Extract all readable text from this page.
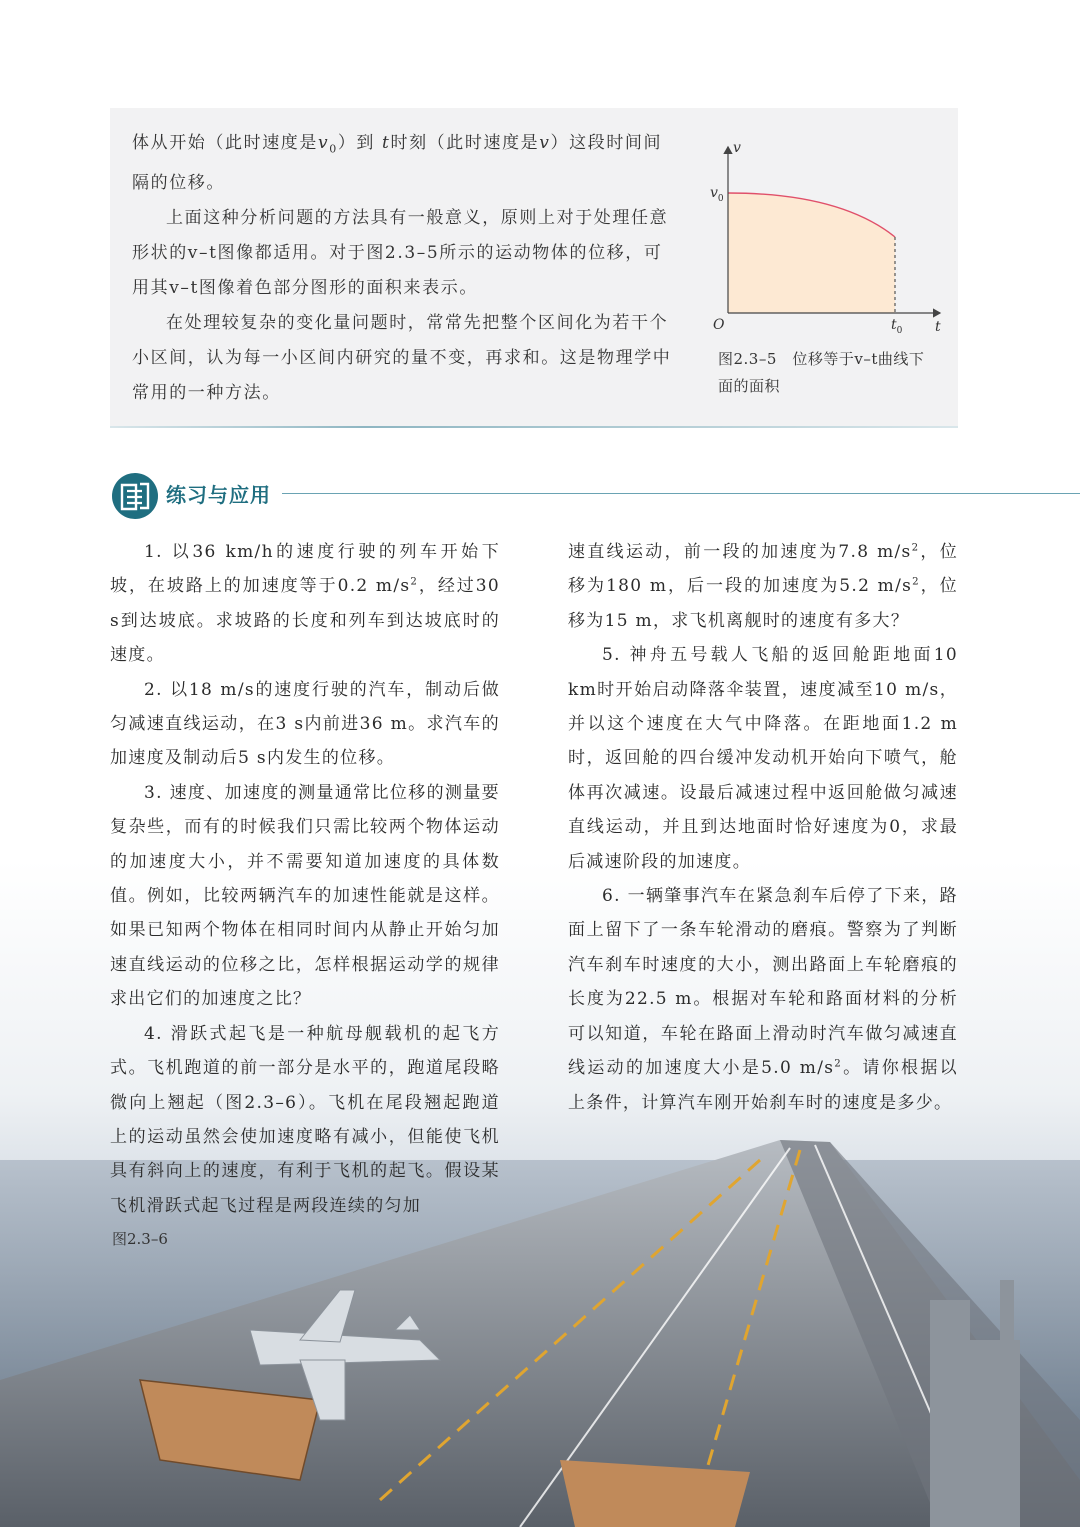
体从开始（此时速度是$v_0$）到 t时刻（此时速度是v）这段时间间隔的位移。

上面这种分析问题的方法具有一般意义，原则上对于处理任意形状的v–t图像都适用。对于图2.3–5所示的运动物体的位移，可用其v–t图像着色部分图形的面积来表示。

在处理较复杂的变化量问题时，常常先把整个区间化为若干个小区间，认为每一小区间内研究的量不变，再求和。这是物理学中常用的一种方法。

v
t
O
$v_0$
$t_0$
图2.3–5　位移等于v–t曲线下
面的面积
练习与应用

1. 以36 km/h的速度行驶的列车开始下坡，在坡路上的加速度等于0.2 $m/s^2$，经过30 s到达坡底。求坡路的长度和列车到达坡底时的速度。

2. 以18 m/s的速度行驶的汽车，制动后做匀减速直线运动，在3 s内前进36 m。求汽车的加速度及制动后5 s内发生的位移。

3. 速度、加速度的测量通常比位移的测量要复杂些，而有的时候我们只需比较两个物体运动的加速度大小，并不需要知道加速度的具体数值。例如，比较两辆汽车的加速性能就是这样。如果已知两个物体在相同时间内从静止开始匀加速直线运动的位移之比，怎样根据运动学的规律求出它们的加速度之比？

4. 滑跃式起飞是一种航母舰载机的起飞方式。飞机跑道的前一部分是水平的，跑道尾段略微向上翘起（图2.3–6）。飞机在尾段翘起跑道上的运动虽然会使加速度略有减小，但能使飞机具有斜向上的速度，有利于飞机的起飞。假设某飞机滑跃式起飞过程是两段连续的匀加

速直线运动，前一段的加速度为7.8 $m/s^2$，位移为180 m，后一段的加速度为5.2 $m/s^2$，位移为15 m，求飞机离舰时的速度有多大？

5. 神舟五号载人飞船的返回舱距地面10 km时开始启动降落伞装置，速度减至10 m/s，并以这个速度在大气中降落。在距地面1.2 m时，返回舱的四台缓冲发动机开始向下喷气，舱体再次减速。设最后减速过程中返回舱做匀减速直线运动，并且到达地面时恰好速度为0，求最后减速阶段的加速度。

6. 一辆肇事汽车在紧急刹车后停了下来，路面上留下了一条车轮滑动的磨痕。警察为了判断汽车刹车时速度的大小，测出路面上车轮磨痕的长度为22.5 m。根据对车轮和路面材料的分析可以知道，车轮在路面上滑动时汽车做匀减速直线运动的加速度大小是5.0 $m/s^2$。请你根据以上条件，计算汽车刚开始刹车时的速度是多少。

图2.3–6
